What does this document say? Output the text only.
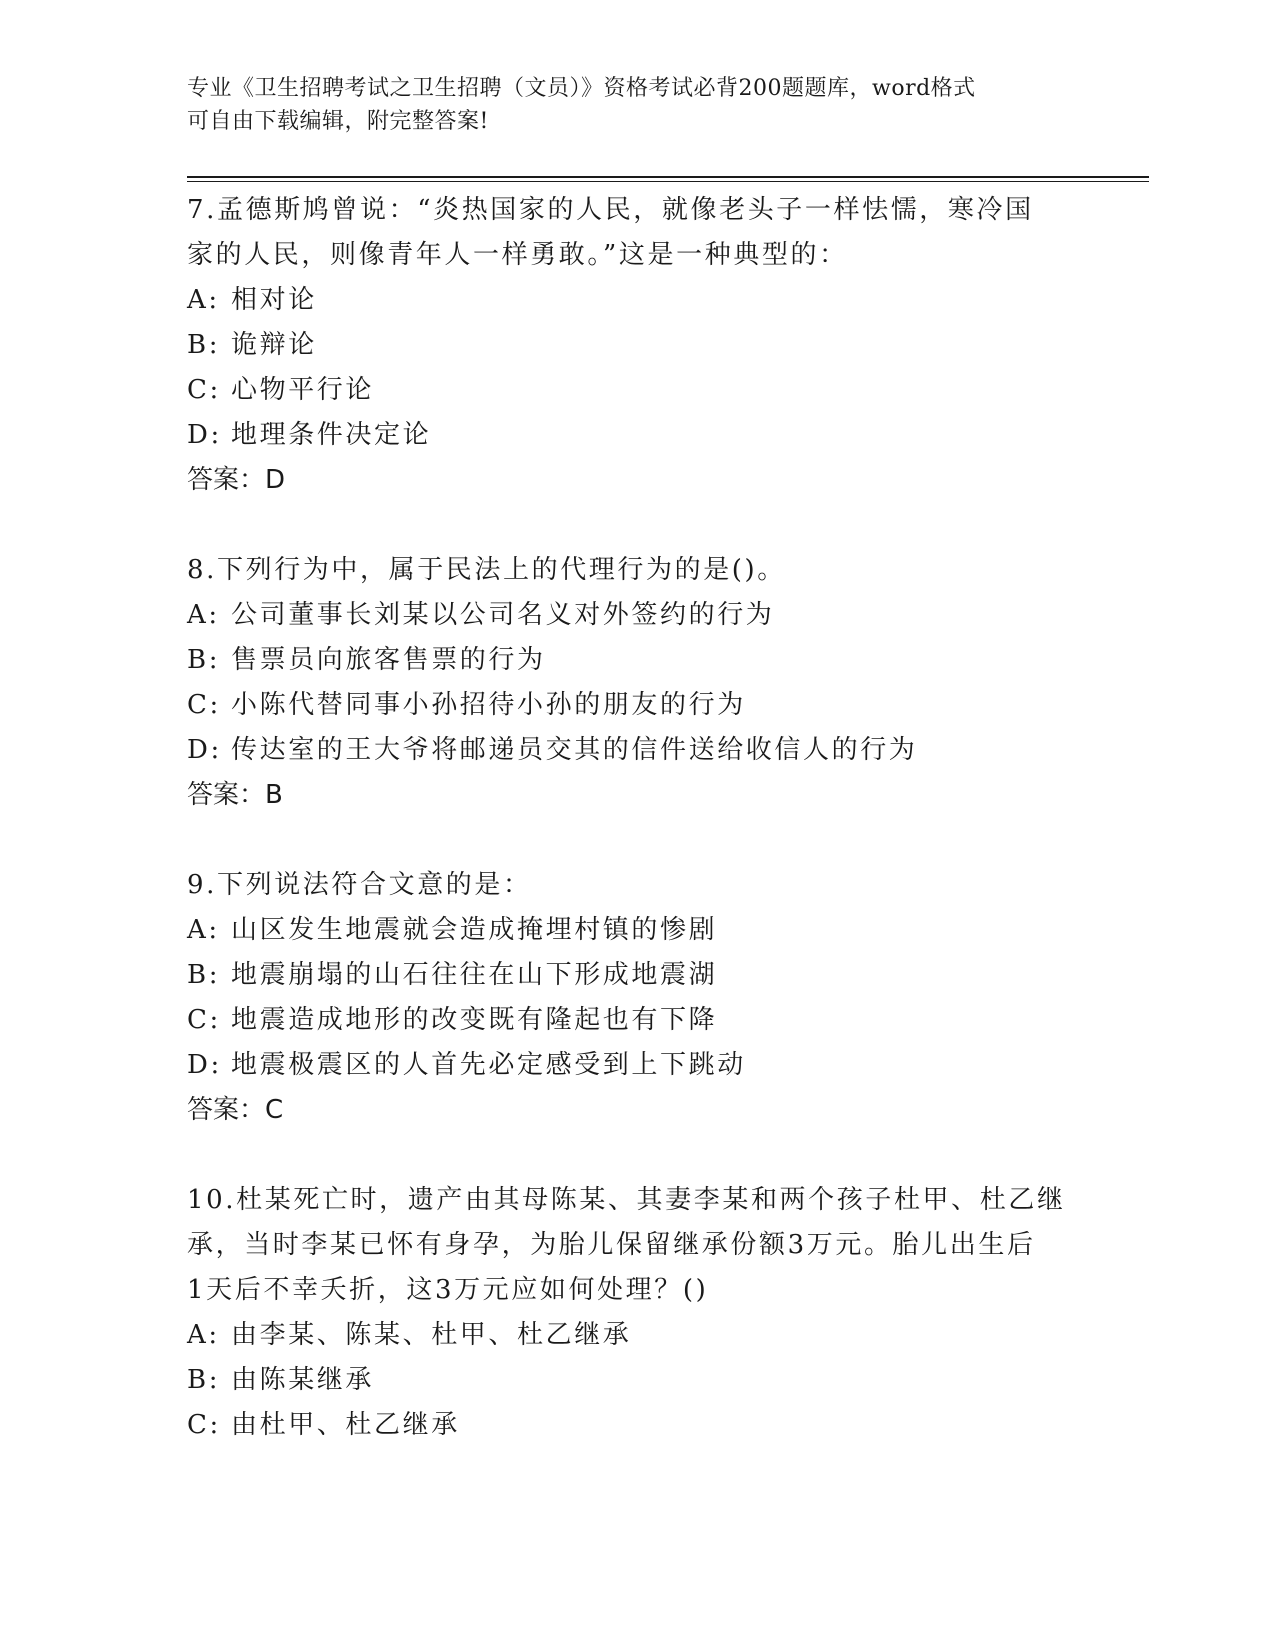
专业《卫生招聘考试之卫生招聘（文员）》资格考试必背200题题库，word格式
可自由下载编辑，附完整答案!
7.孟德斯鸠曾说：“炎热国家的人民，就像老头子一样怯懦，寒冷国
家的人民，则像青年人一样勇敢。”这是一种典型的：
A: 相对论
B: 诡辩论
C: 心物平行论
D: 地理条件决定论
答案：D
8.下列行为中，属于民法上的代理行为的是()。
A: 公司董事长刘某以公司名义对外签约的行为
B: 售票员向旅客售票的行为
C: 小陈代替同事小孙招待小孙的朋友的行为
D: 传达室的王大爷将邮递员交其的信件送给收信人的行为
答案：B
9.下列说法符合文意的是：
A: 山区发生地震就会造成掩埋村镇的惨剧
B: 地震崩塌的山石往往在山下形成地震湖
C: 地震造成地形的改变既有隆起也有下降
D: 地震极震区的人首先必定感受到上下跳动
答案：C
10.杜某死亡时，遗产由其母陈某、其妻李某和两个孩子杜甲、杜乙继
承，当时李某已怀有身孕，为胎儿保留继承份额3万元。胎儿出生后
1天后不幸夭折，这3万元应如何处理？()
A: 由李某、陈某、杜甲、杜乙继承
B: 由陈某继承
C: 由杜甲、杜乙继承
